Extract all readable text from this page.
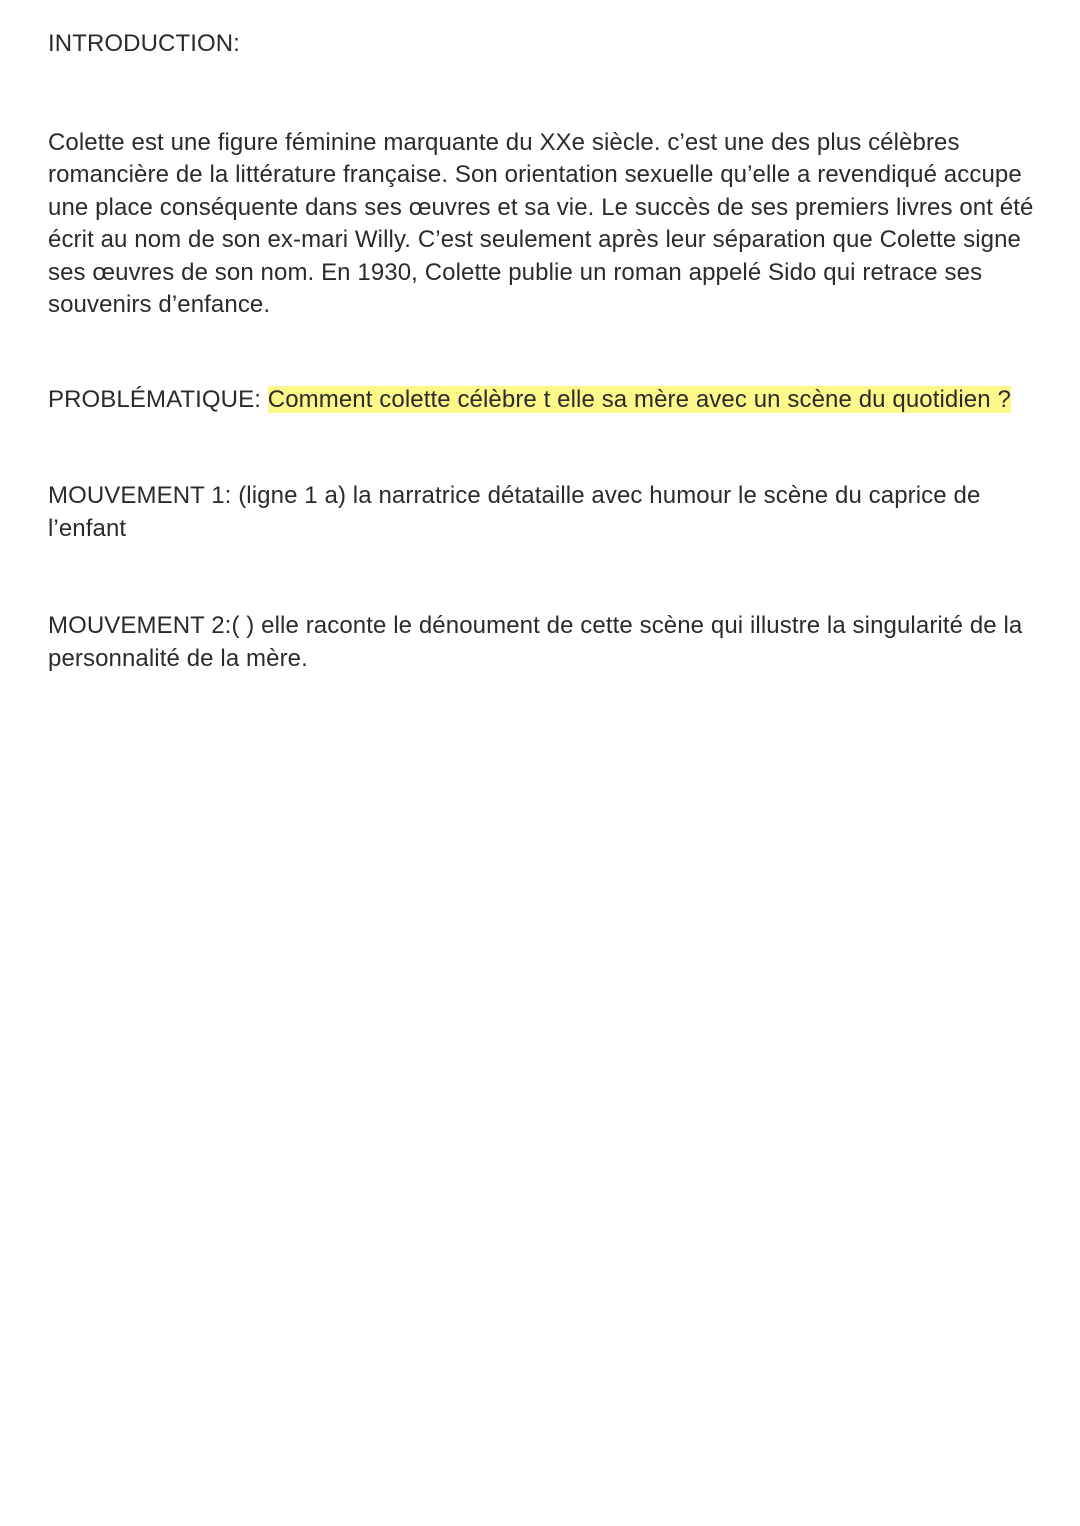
INTRODUCTION:

Colette est une figure féminine marquante du XXe siècle. c’est une des plus célèbres romancière de la littérature française. Son orientation sexuelle qu’elle a revendiqué accupe une place conséquente dans ses œuvres et sa vie. Le succès de ses premiers livres ont été écrit au nom de son ex-mari Willy. C’est seulement après leur séparation que Colette signe ses œuvres de son nom. En 1930, Colette publie un roman appelé Sido qui retrace ses souvenirs d’enfance.

PROBLÉMATIQUE: Comment colette célèbre t elle sa mère avec un scène du quotidien ?

MOUVEMENT 1: (ligne 1 a) la narratrice détataille avec humour le scène du caprice de l’enfant

MOUVEMENT 2:( ) elle raconte le dénoument de cette scène qui illustre la singularité de la personnalité de la mère.
